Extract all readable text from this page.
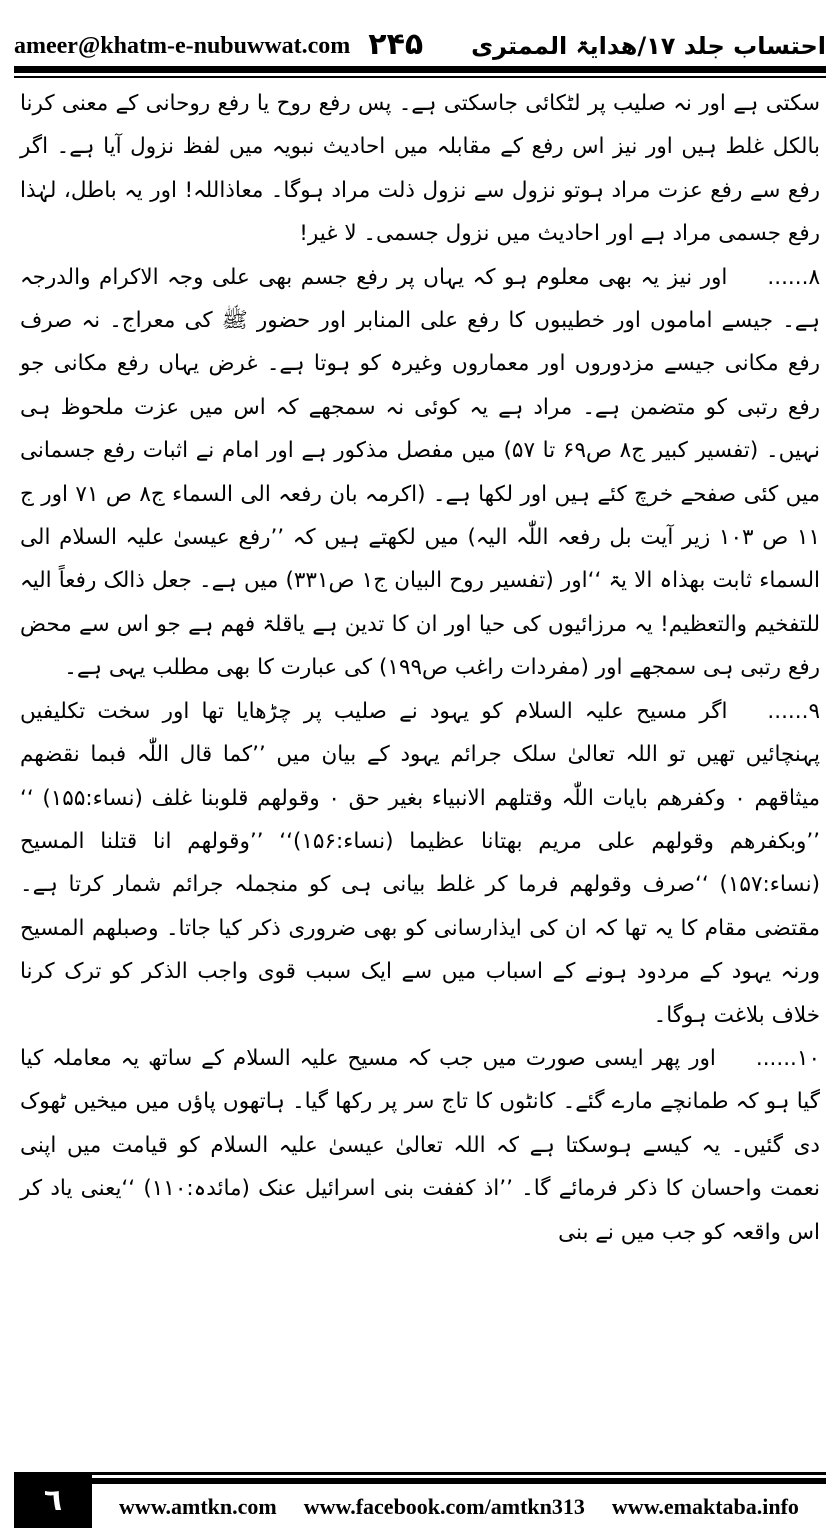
ameer@khatm-e-nubuwwat.com ۲۴۵ احتساب جلد ۱۷/هدایۃ الممتری

سکتی ہے اور نہ صلیب پر لٹکائی جاسکتی ہے۔ پس رفع روح یا رفع روحانی کے معنی کرنا بالکل غلط ہیں اور نیز اس رفع کے مقابلہ میں احادیث نبویہ میں لفظ نزول آیا ہے۔ اگر رفع سے رفع عزت مراد ہوتو نزول سے نزول ذلت مراد ہوگا۔ معاذاللہ! اور یہ باطل، لہٰذا رفع جسمی مراد ہے اور احادیث میں نزول جسمی۔ لا غیر!

۸......اور نیز یہ بھی معلوم ہو کہ یہاں پر رفع جسم بھی علی وجہ الاکرام والدرجہ ہے۔ جیسے اماموں اور خطیبوں کا رفع علی المنابر اور حضور ﷺ کی معراج۔ نہ صرف رفع مکانی جیسے مزدوروں اور معماروں وغیرہ کو ہوتا ہے۔ غرض یہاں رفع مکانی جو رفع رتبی کو متضمن ہے۔ مراد ہے یہ کوئی نہ سمجھے کہ اس میں عزت ملحوظ ہی نہیں۔ (تفسیر کبیر ج۸ ص۶۹ تا ۵۷) میں مفصل مذکور ہے اور امام نے اثبات رفع جسمانی میں کئی صفحے خرچ کئے ہیں اور لکھا ہے۔ (اکرمہ بان رفعہ الی السماء ج۸ ص ۷۱ اور ج ۱۱ ص ۱۰۳ زیر آیت بل رفعہ اللّٰہ الیہ) میں لکھتے ہیں کہ ’’رفع عیسیٰ علیہ السلام الی السماء ثابت بھذاہ الا یۃ ‘‘اور (تفسیر روح البیان ج۱ ص۳۳۱) میں ہے۔ جعل ذالک رفعاً الیہ للتفخیم والتعظیم! یہ مرزائیوں کی حیا اور ان کا تدین ہے یاقلۃ فھم ہے جو اس سے محض رفع رتبی ہی سمجھے اور (مفردات راغب ص۱۹۹) کی عبارت کا بھی مطلب یہی ہے۔

۹......اگر مسیح علیہ السلام کو یہود نے صلیب پر چڑھایا تھا اور سخت تکلیفیں پہنچائیں تھیں تو اللہ تعالیٰ سلک جرائم یہود کے بیان میں ’’کما قال اللّٰہ فبما نقضھم میثاقھم ۰ وکفرھم بایات اللّٰہ وقتلھم الانبیاء بغیر حق ۰ وقولھم قلوبنا غلف (نساء:۱۵۵) ‘‘ ’’وبکفرھم وقولھم علی مریم بھتانا عظیما (نساء:۱۵۶)‘‘ ’’وقولھم انا قتلنا المسیح (نساء:۱۵۷) ‘‘صرف وقولھم فرما کر غلط بیانی ہی کو منجملہ جرائم شمار کرتا ہے۔ مقتضی مقام کا یہ تھا کہ ان کی ایذارسانی کو بھی ضروری ذکر کیا جاتا۔ وصبلھم المسیح ورنہ یہود کے مردود ہونے کے اسباب میں سے ایک سبب قوی واجب الذکر کو ترک کرنا خلاف بلاغت ہوگا۔

۱۰......اور پھر ایسی صورت میں جب کہ مسیح علیہ السلام کے ساتھ یہ معاملہ کیا گیا ہو کہ طمانچے مارے گئے۔ کانٹوں کا تاج سر پر رکھا گیا۔ ہاتھوں پاؤں میں میخیں ٹھوک دی گئیں۔ یہ کیسے ہوسکتا ہے کہ اللہ تعالیٰ عیسیٰ علیہ السلام کو قیامت میں اپنی نعمت واحسان کا ذکر فرمائے گا۔ ’’اذ کففت بنی اسرائیل عنک (مائدہ:۱۱۰) ‘‘یعنی یاد کر اس واقعہ کو جب میں نے بنی

٦	www.amtkn.com www.facebook.com/amtkn313 www.emaktaba.info
